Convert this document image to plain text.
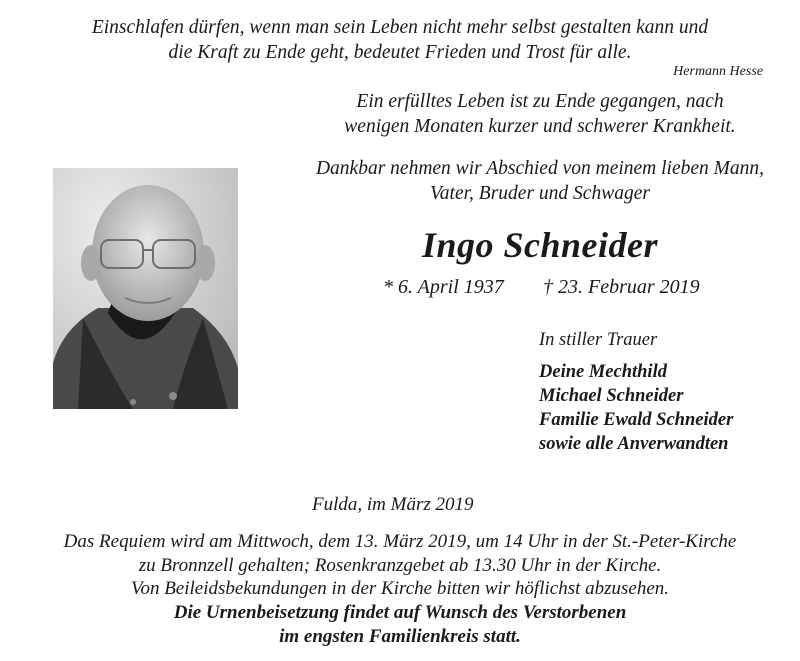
Einschlafen dürfen, wenn man sein Leben nicht mehr selbst gestalten kann und
die Kraft zu Ende geht, bedeutet Frieden und Trost für alle.
Hermann Hesse
Ein erfülltes Leben ist zu Ende gegangen, nach
wenigen Monaten kurzer und schwerer Krankheit.
Dankbar nehmen wir Abschied von meinem lieben Mann,
Vater, Bruder und Schwager
Ingo Schneider
* 6. April 1937 † 23. Februar 2019
In stiller Trauer
Deine Mechthild
Michael Schneider
Familie Ewald Schneider
sowie alle Anverwandten
Fulda, im März 2019
Das Requiem wird am Mittwoch, dem 13. März 2019, um 14 Uhr in der St.-Peter-Kirche
zu Bronnzell gehalten; Rosenkranzgebet ab 13.30 Uhr in der Kirche.
Von Beileidsbekundungen in der Kirche bitten wir höflichst abzusehen.
Die Urnenbeisetzung findet auf Wunsch des Verstorbenen
im engsten Familienkreis statt.
